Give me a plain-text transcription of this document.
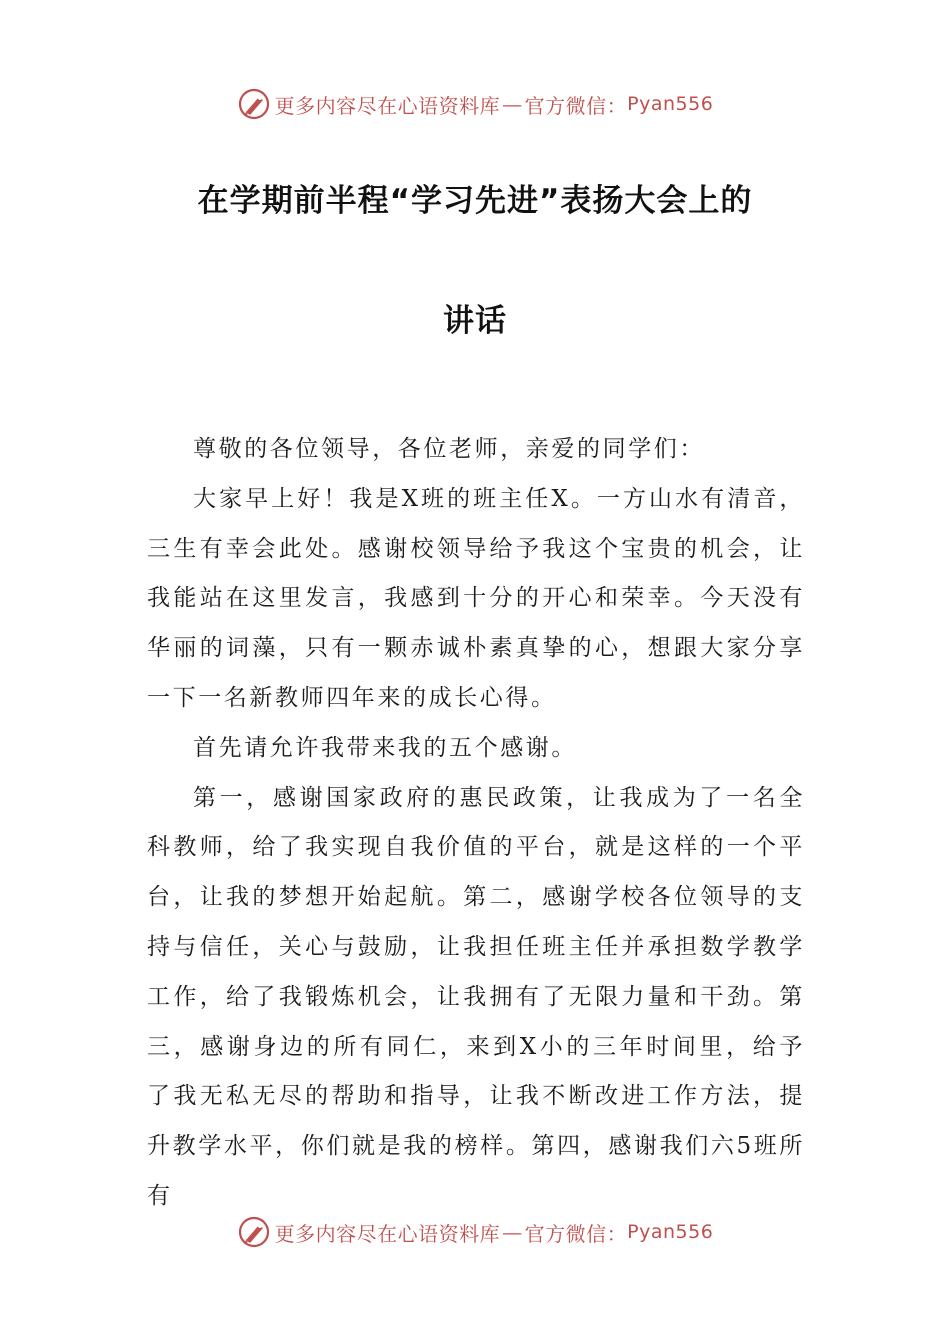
更多内容尽在心语资料库 — 官方微信： Pyan556
在学期前半程“学习先进”表扬大会上的
讲话

尊敬的各位领导，各位老师，亲爱的同学们：

大家早上好！我是X班的班主任X。一方山水有清音，三生有幸会此处。感谢校领导给予我这个宝贵的机会，让我能站在这里发言，我感到十分的开心和荣幸。今天没有华丽的词藻，只有一颗赤诚朴素真挚的心，想跟大家分享一下一名新教师四年来的成长心得。

首先请允许我带来我的五个感谢。

第一，感谢国家政府的惠民政策，让我成为了一名全科教师，给了我实现自我价值的平台，就是这样的一个平台，让我的梦想开始起航。第二，感谢学校各位领导的支持与信任，关心与鼓励，让我担任班主任并承担数学教学工作，给了我锻炼机会，让我拥有了无限力量和干劲。第三，感谢身边的所有同仁，来到X小的三年时间里，给予了我无私无尽的帮助和指导，让我不断改进工作方法，提升教学水平，你们就是我的榜样。第四，感谢我们六5班所有

更多内容尽在心语资料库 — 官方微信： Pyan556
